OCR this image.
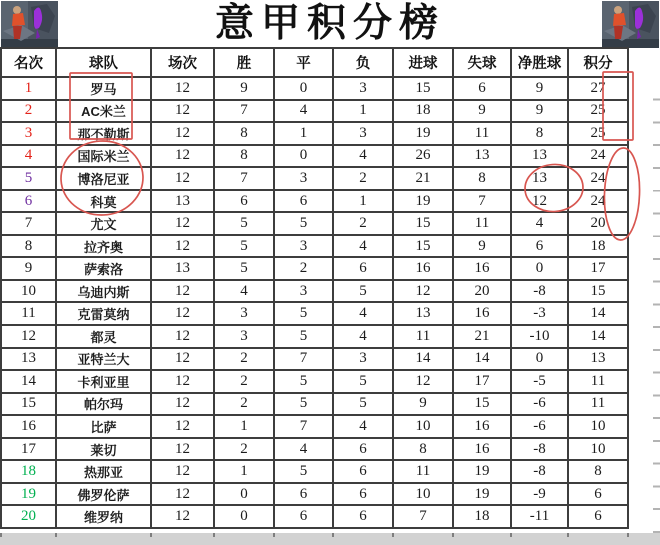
意甲积分榜
名次	球队	场次	胜	平	负	进球	失球	净胜球	积分
1	罗马	12	9	0	3	15	6	9	27
2	AC米兰	12	7	4	1	18	9	9	25
3	那不勒斯	12	8	1	3	19	11	8	25
4	国际米兰	12	8	0	4	26	13	13	24
5	博洛尼亚	12	7	3	2	21	8	13	24
6	科莫	13	6	6	1	19	7	12	24
7	尤文	12	5	5	2	15	11	4	20
8	拉齐奥	12	5	3	4	15	9	6	18
9	萨索洛	13	5	2	6	16	16	0	17
10	乌迪内斯	12	4	3	5	12	20	-8	15
11	克雷莫纳	12	3	5	4	13	16	-3	14
12	都灵	12	3	5	4	11	21	-10	14
13	亚特兰大	12	2	7	3	14	14	0	13
14	卡利亚里	12	2	5	5	12	17	-5	11
15	帕尔玛	12	2	5	5	9	15	-6	11
16	比萨	12	1	7	4	10	16	-6	10
17	莱切	12	2	4	6	8	16	-8	10
18	热那亚	12	1	5	6	11	19	-8	8
19	佛罗伦萨	12	0	6	6	10	19	-9	6
20	维罗纳	12	0	6	6	7	18	-11	6
